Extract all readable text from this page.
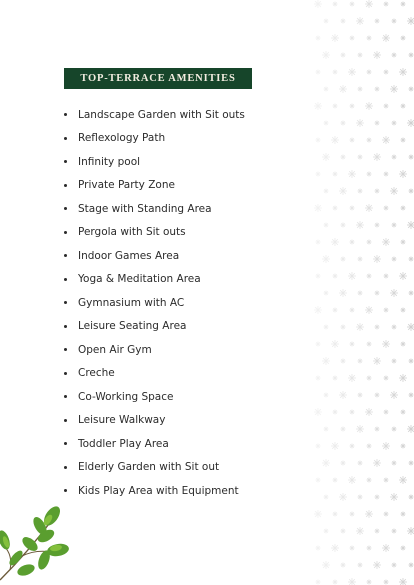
TOP-TERRACE AMENITIES
Landscape Garden with Sit outs
Reflexology Path
Infinity pool
Private Party Zone
Stage with Standing Area
Pergola with Sit outs
Indoor Games Area
Yoga & Meditation Area
Gymnasium with AC
Leisure Seating Area
Open Air Gym
Creche
Co-Working Space
Leisure Walkway
Toddler Play Area
Elderly Garden with Sit out
Kids Play Area with Equipment
